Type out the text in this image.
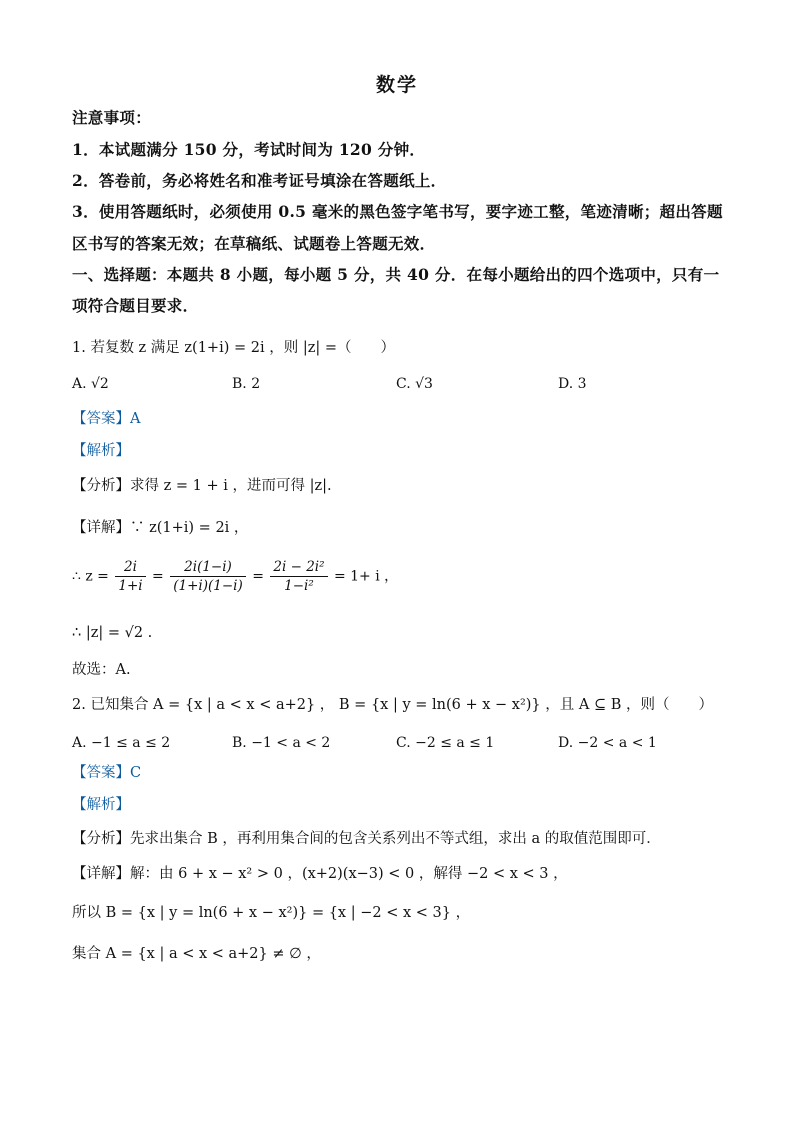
数学
注意事项：
1．本试题满分 150 分，考试时间为 120 分钟．
2．答卷前，务必将姓名和准考证号填涂在答题纸上．
3．使用答题纸时，必须使用 0.5 毫米的黑色签字笔书写，要字迹工整，笔迹清晰；超出答题
区书写的答案无效；在草稿纸、试题卷上答题无效．
一、选择题：本题共 8 小题，每小题 5 分，共 40 分．在每小题给出的四个选项中，只有一
项符合题目要求．
1. 若复数 z 满足 z(1+i) = 2i ，则 |z| =（　　）
A. √2	B. 2	C. √3	D. 3
【答案】A
【解析】
【分析】求得 z = 1 + i ，进而可得 |z|.
【详解】∵ z(1+i) = 2i ，
∴ $z = \frac{2i}{1+i} = \frac{2i(1-i)}{(1+i)(1-i)} = \frac{\text{2i − 2i²}}{\text{1−i²}} = 1+ i$ ，
∴ |z| = √2 .
故选：A.
2. 已知集合 A = {x | a < x < a+2} ， B = {x | y = ln(6 + x − x²)} ，且 A ⊆ B ，则（　　）
A. −1 ≤ a ≤ 2	B. −1 < a < 2	C. −2 ≤ a ≤ 1	D. −2 < a < 1
【答案】C
【解析】
【分析】先求出集合 B ，再利用集合间的包含关系列出不等式组，求出 a 的取值范围即可．
【详解】解：由 6 + x − x² > 0 ，(x+2)(x−3) < 0 ，解得 −2 < x < 3 ，
所以 B = {x | y = ln(6 + x − x²)} = {x | −2 < x < 3} ，
集合 A = {x | a < x < a+2} ≠ ∅ ，
